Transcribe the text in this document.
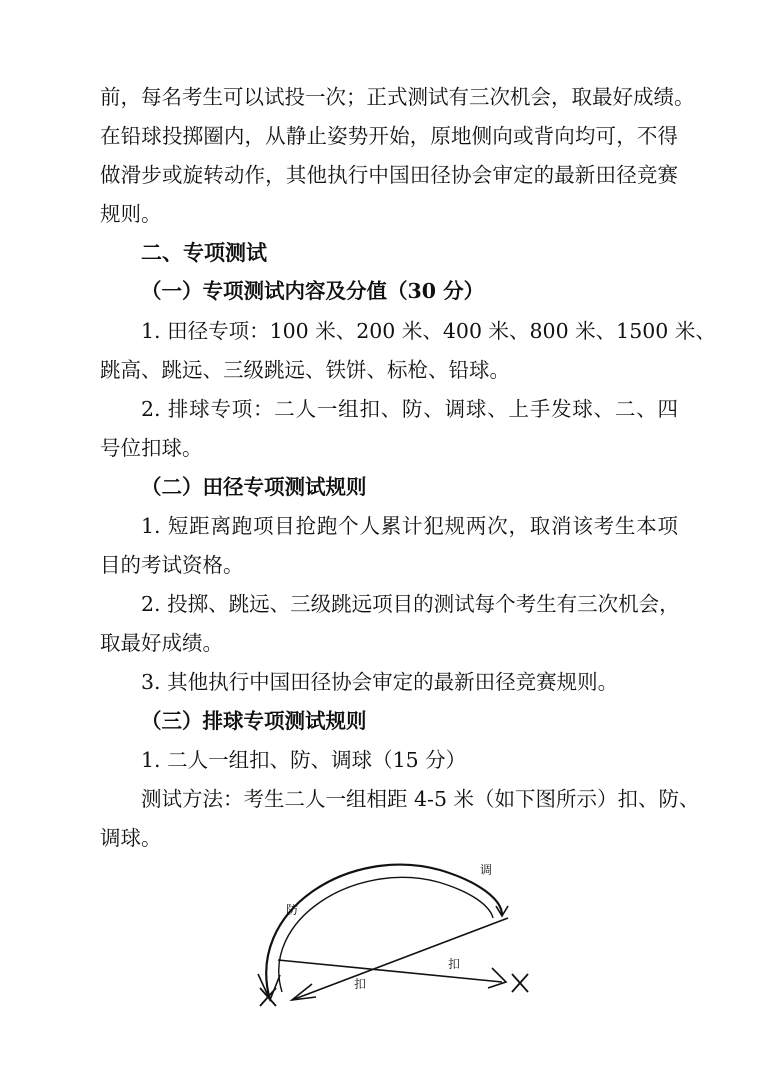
前，每名考生可以试投一次；正式测试有三次机会，取最好成绩。
在铅球投掷圈内，从静止姿势开始，原地侧向或背向均可，不得
做滑步或旋转动作，其他执行中国田径协会审定的最新田径竞赛
规则。
二、专项测试
（一）专项测试内容及分值（30 分）
1. 田径专项：100 米、200 米、400 米、800 米、1500 米、
跳高、跳远、三级跳远、铁饼、标枪、铅球。
2. 排球专项：二人一组扣、防、调球、上手发球、二、四
号位扣球。
（二）田径专项测试规则
1. 短距离跑项目抢跑个人累计犯规两次，取消该考生本项
目的考试资格。
2. 投掷、跳远、三级跳远项目的测试每个考生有三次机会，
取最好成绩。
3. 其他执行中国田径协会审定的最新田径竞赛规则。
（三）排球专项测试规则
1. 二人一组扣、防、调球（15 分）
测试方法：考生二人一组相距 4-5 米（如下图所示）扣、防、
调球。
调
防
扣
扣
